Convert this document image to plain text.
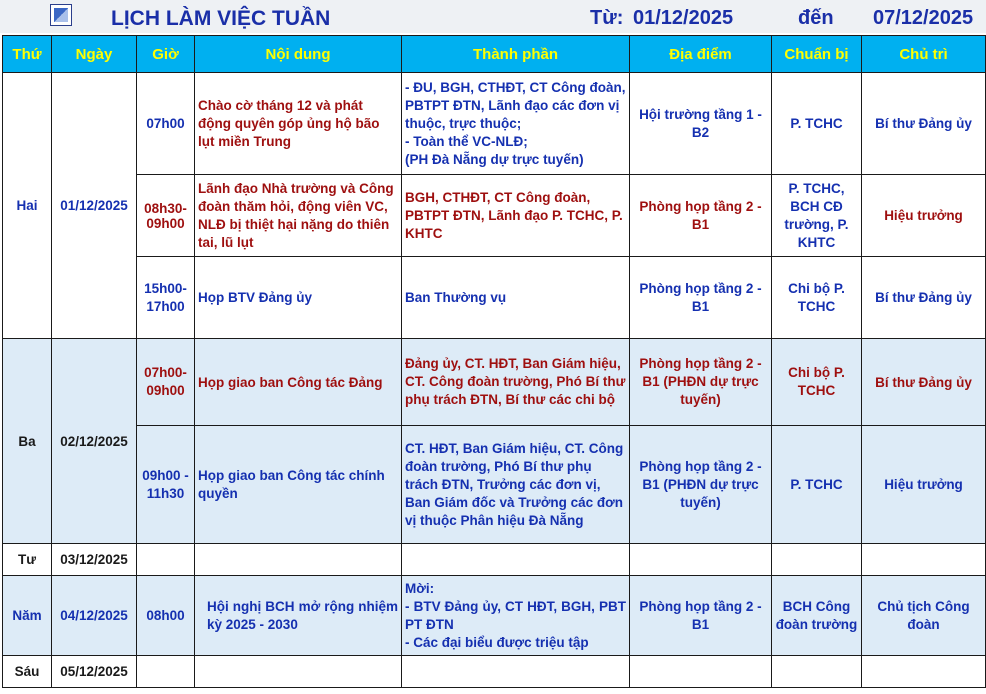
LỊCH LÀM VIỆC TUẦN	Từ: 01/12/2025	đến 07/12/2025
Thứ	Ngày	Giờ	Nội dung	Thành phần	Địa điểm	Chuẩn bị	Chủ trì
Hai	01/12/2025	07h00	Chào cờ tháng 12 và phát động quyên góp ủng hộ bão lụt miền Trung	- ĐU, BGH, CTHĐT, CT Công đoàn, PBTPT ĐTN, Lãnh đạo các đơn vị thuộc, trực thuộc;
- Toàn thể VC-NLĐ;
(PH Đà Nẵng dự trực tuyến)	Hội trường tầng 1 - B2	P. TCHC	Bí thư Đảng ủy
		08h30-09h00	Lãnh đạo Nhà trường và Công đoàn thăm hỏi, động viên VC, NLĐ bị thiệt hại nặng do thiên tai, lũ lụt	BGH, CTHĐT, CT Công đoàn, PBTPT ĐTN, Lãnh đạo P. TCHC, P. KHTC	Phòng họp tầng 2 - B1	P. TCHC, BCH CĐ trường, P. KHTC	Hiệu trưởng
		15h00-17h00	Họp BTV Đảng ủy	Ban Thường vụ	Phòng họp tầng 2 - B1	Chi bộ P. TCHC	Bí thư Đảng ủy
Ba	02/12/2025	07h00-09h00	Họp giao ban Công tác Đảng	Đảng ủy, CT. HĐT, Ban Giám hiệu, CT. Công đoàn trường, Phó Bí thư phụ trách ĐTN, Bí thư các chi bộ	Phòng họp tầng 2 - B1 (PHĐN dự trực tuyến)	Chi bộ P. TCHC	Bí thư Đảng ủy
		09h00 - 11h30	Họp giao ban Công tác chính quyền	CT. HĐT, Ban Giám hiệu, CT. Công đoàn trường, Phó Bí thư phụ trách ĐTN, Trưởng các đơn vị, Ban Giám đốc và Trưởng các đơn vị thuộc Phân hiệu Đà Nẵng	Phòng họp tầng 2 - B1 (PHĐN dự trực tuyến)	P. TCHC	Hiệu trưởng
Tư	03/12/2025						
Năm	04/12/2025	08h00	Hội nghị BCH mở rộng nhiệm kỳ 2025 - 2030	Mời:
- BTV Đảng ủy, CT HĐT, BGH, PBT PT ĐTN
- Các đại biểu được triệu tập	Phòng họp tầng 2 - B1	BCH Công đoàn trường	Chủ tịch Công đoàn
Sáu	05/12/2025						
